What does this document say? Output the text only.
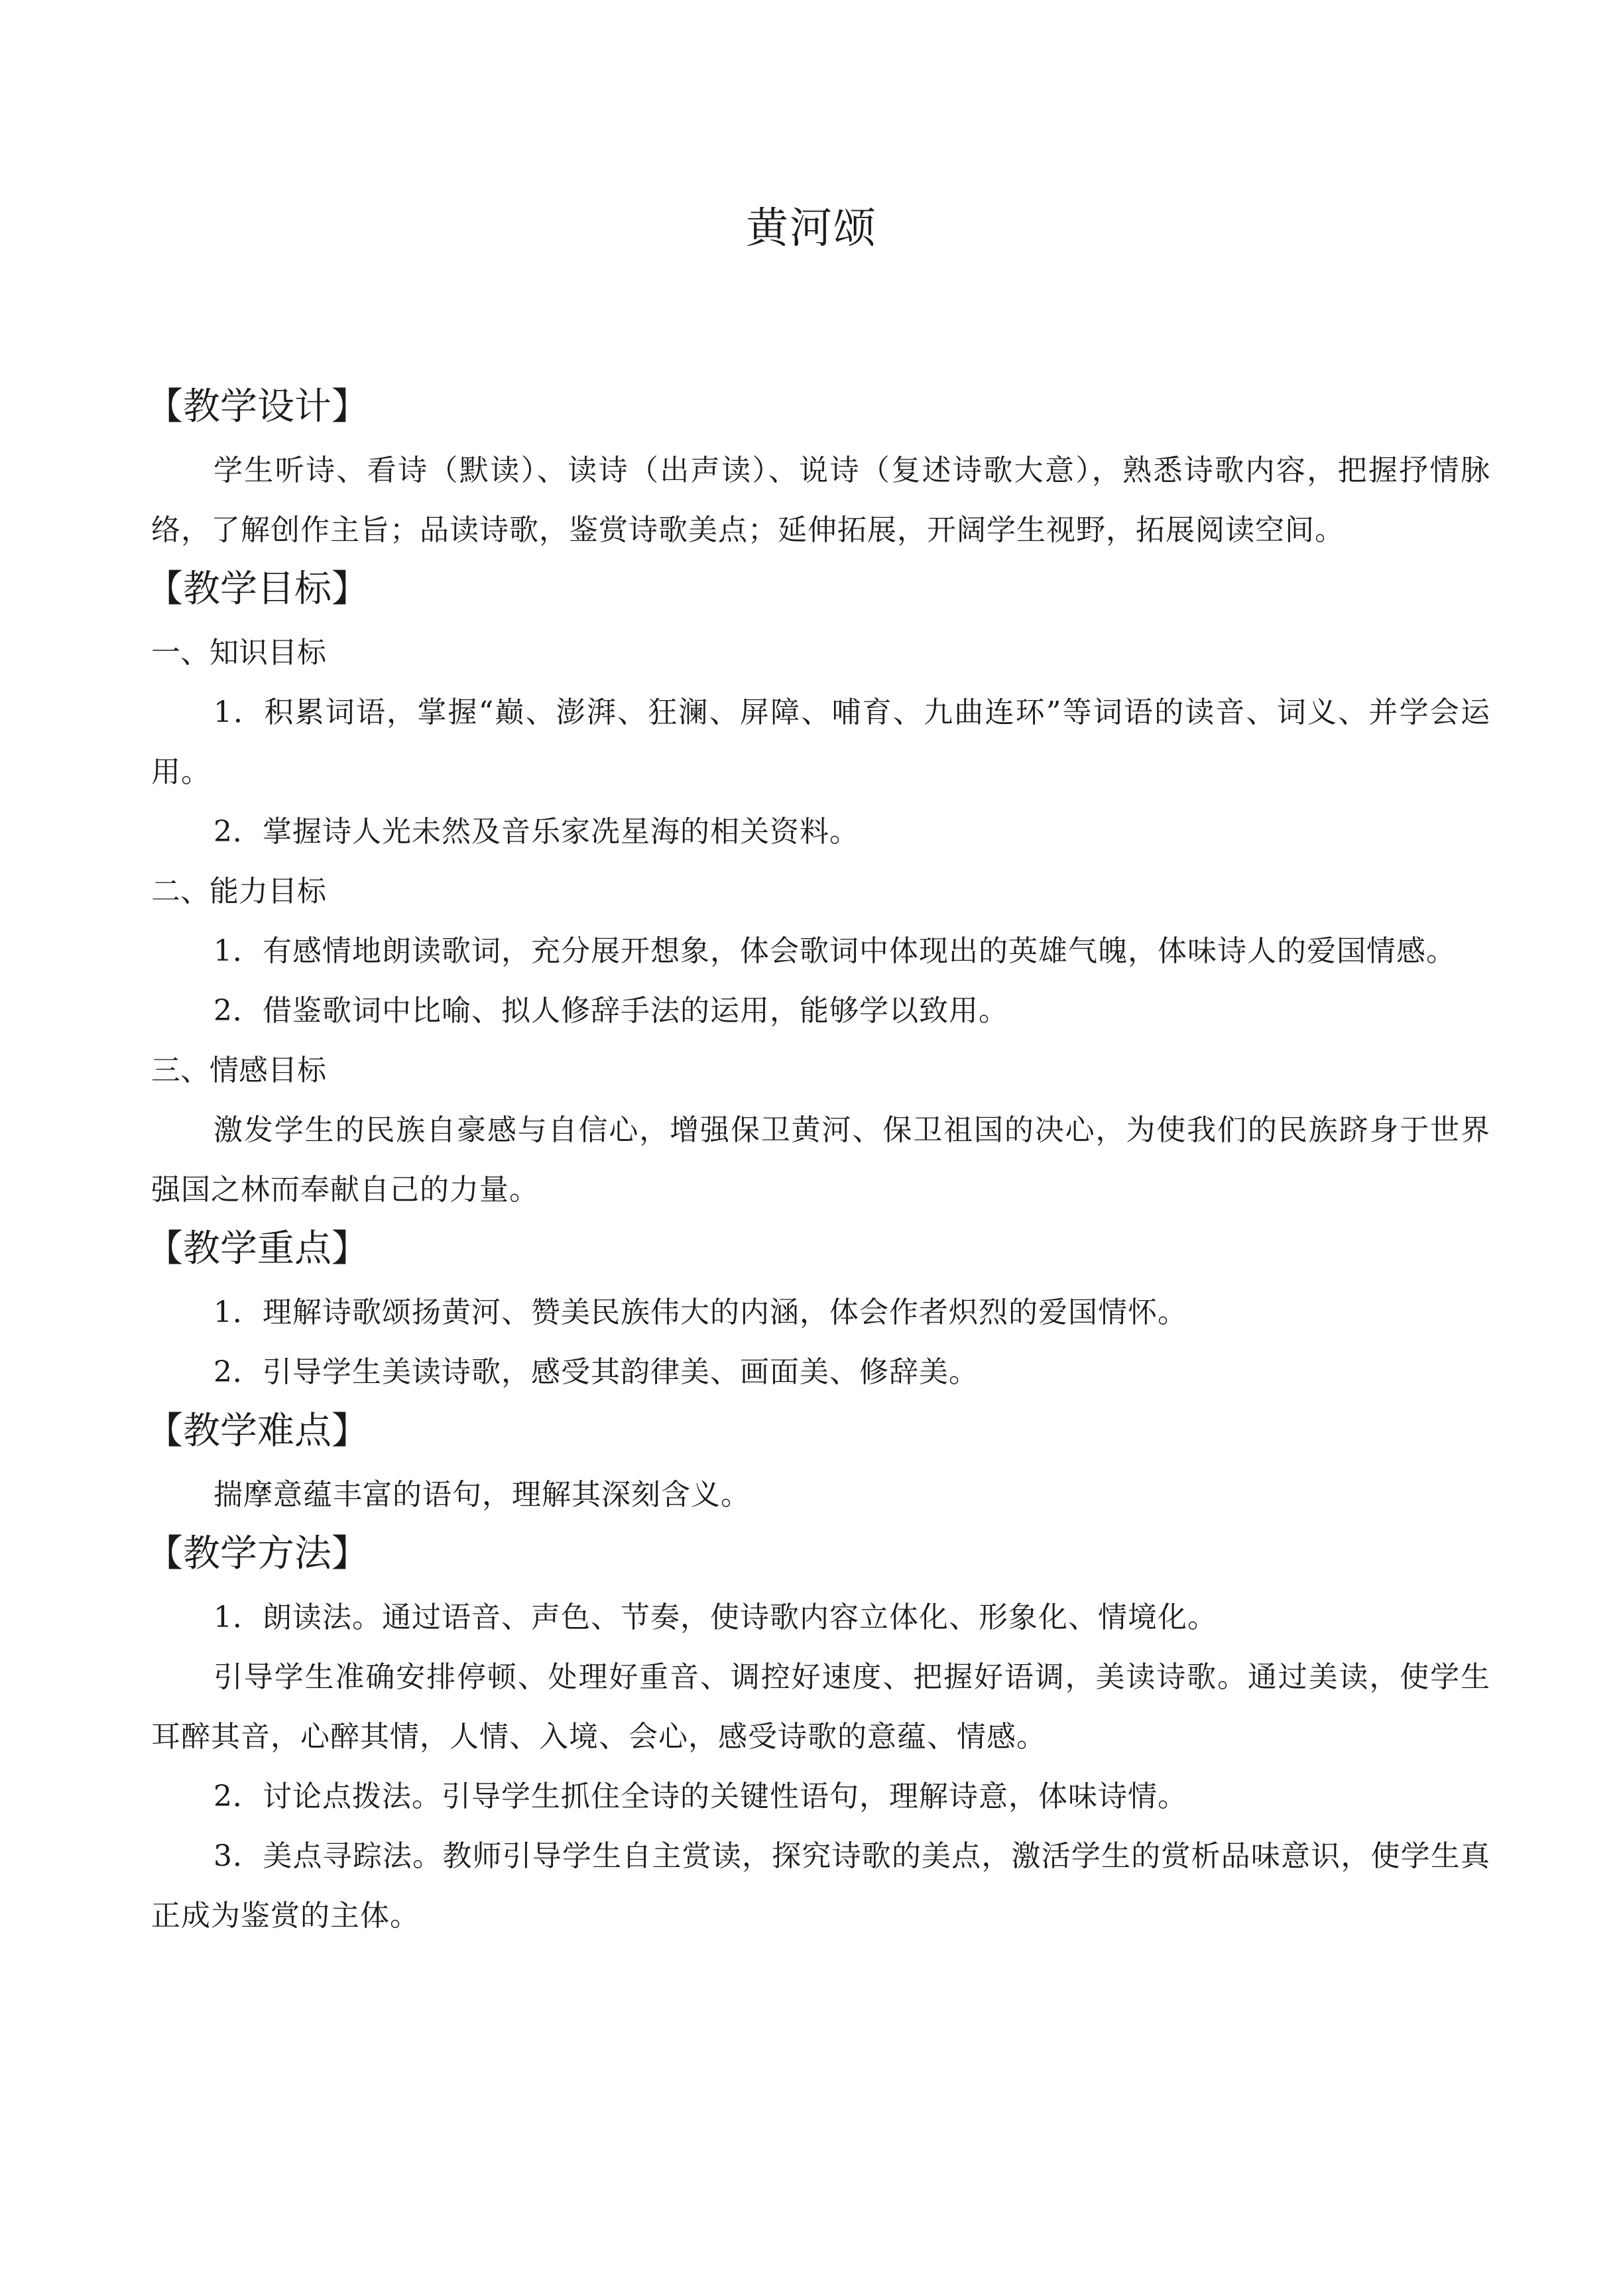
黄河颂
【教学设计】
学生听诗、看诗（默读）、读诗（出声读）、说诗（复述诗歌大意），熟悉诗歌内容，把握抒情脉络，了解创作主旨；品读诗歌，鉴赏诗歌美点；延伸拓展，开阔学生视野，拓展阅读空间。
【教学目标】
一、知识目标
1．积累词语，掌握“巅、澎湃、狂澜、屏障、哺育、九曲连环”等词语的读音、词义、并学会运用。
2．掌握诗人光未然及音乐家冼星海的相关资料。
二、能力目标
1．有感情地朗读歌词，充分展开想象，体会歌词中体现出的英雄气魄，体味诗人的爱国情感。
2．借鉴歌词中比喻、拟人修辞手法的运用，能够学以致用。
三、情感目标
激发学生的民族自豪感与自信心，增强保卫黄河、保卫祖国的决心，为使我们的民族跻身于世界强国之林而奉献自己的力量。
【教学重点】
1．理解诗歌颂扬黄河、赞美民族伟大的内涵，体会作者炽烈的爱国情怀。
2．引导学生美读诗歌，感受其韵律美、画面美、修辞美。
【教学难点】
揣摩意蕴丰富的语句，理解其深刻含义。
【教学方法】
1．朗读法。通过语音、声色、节奏，使诗歌内容立体化、形象化、情境化。
引导学生准确安排停顿、处理好重音、调控好速度、把握好语调，美读诗歌。通过美读，使学生耳醉其音，心醉其情，人情、入境、会心，感受诗歌的意蕴、情感。
2．讨论点拨法。引导学生抓住全诗的关键性语句，理解诗意，体味诗情。
3．美点寻踪法。教师引导学生自主赏读，探究诗歌的美点，激活学生的赏析品味意识，使学生真正成为鉴赏的主体。
